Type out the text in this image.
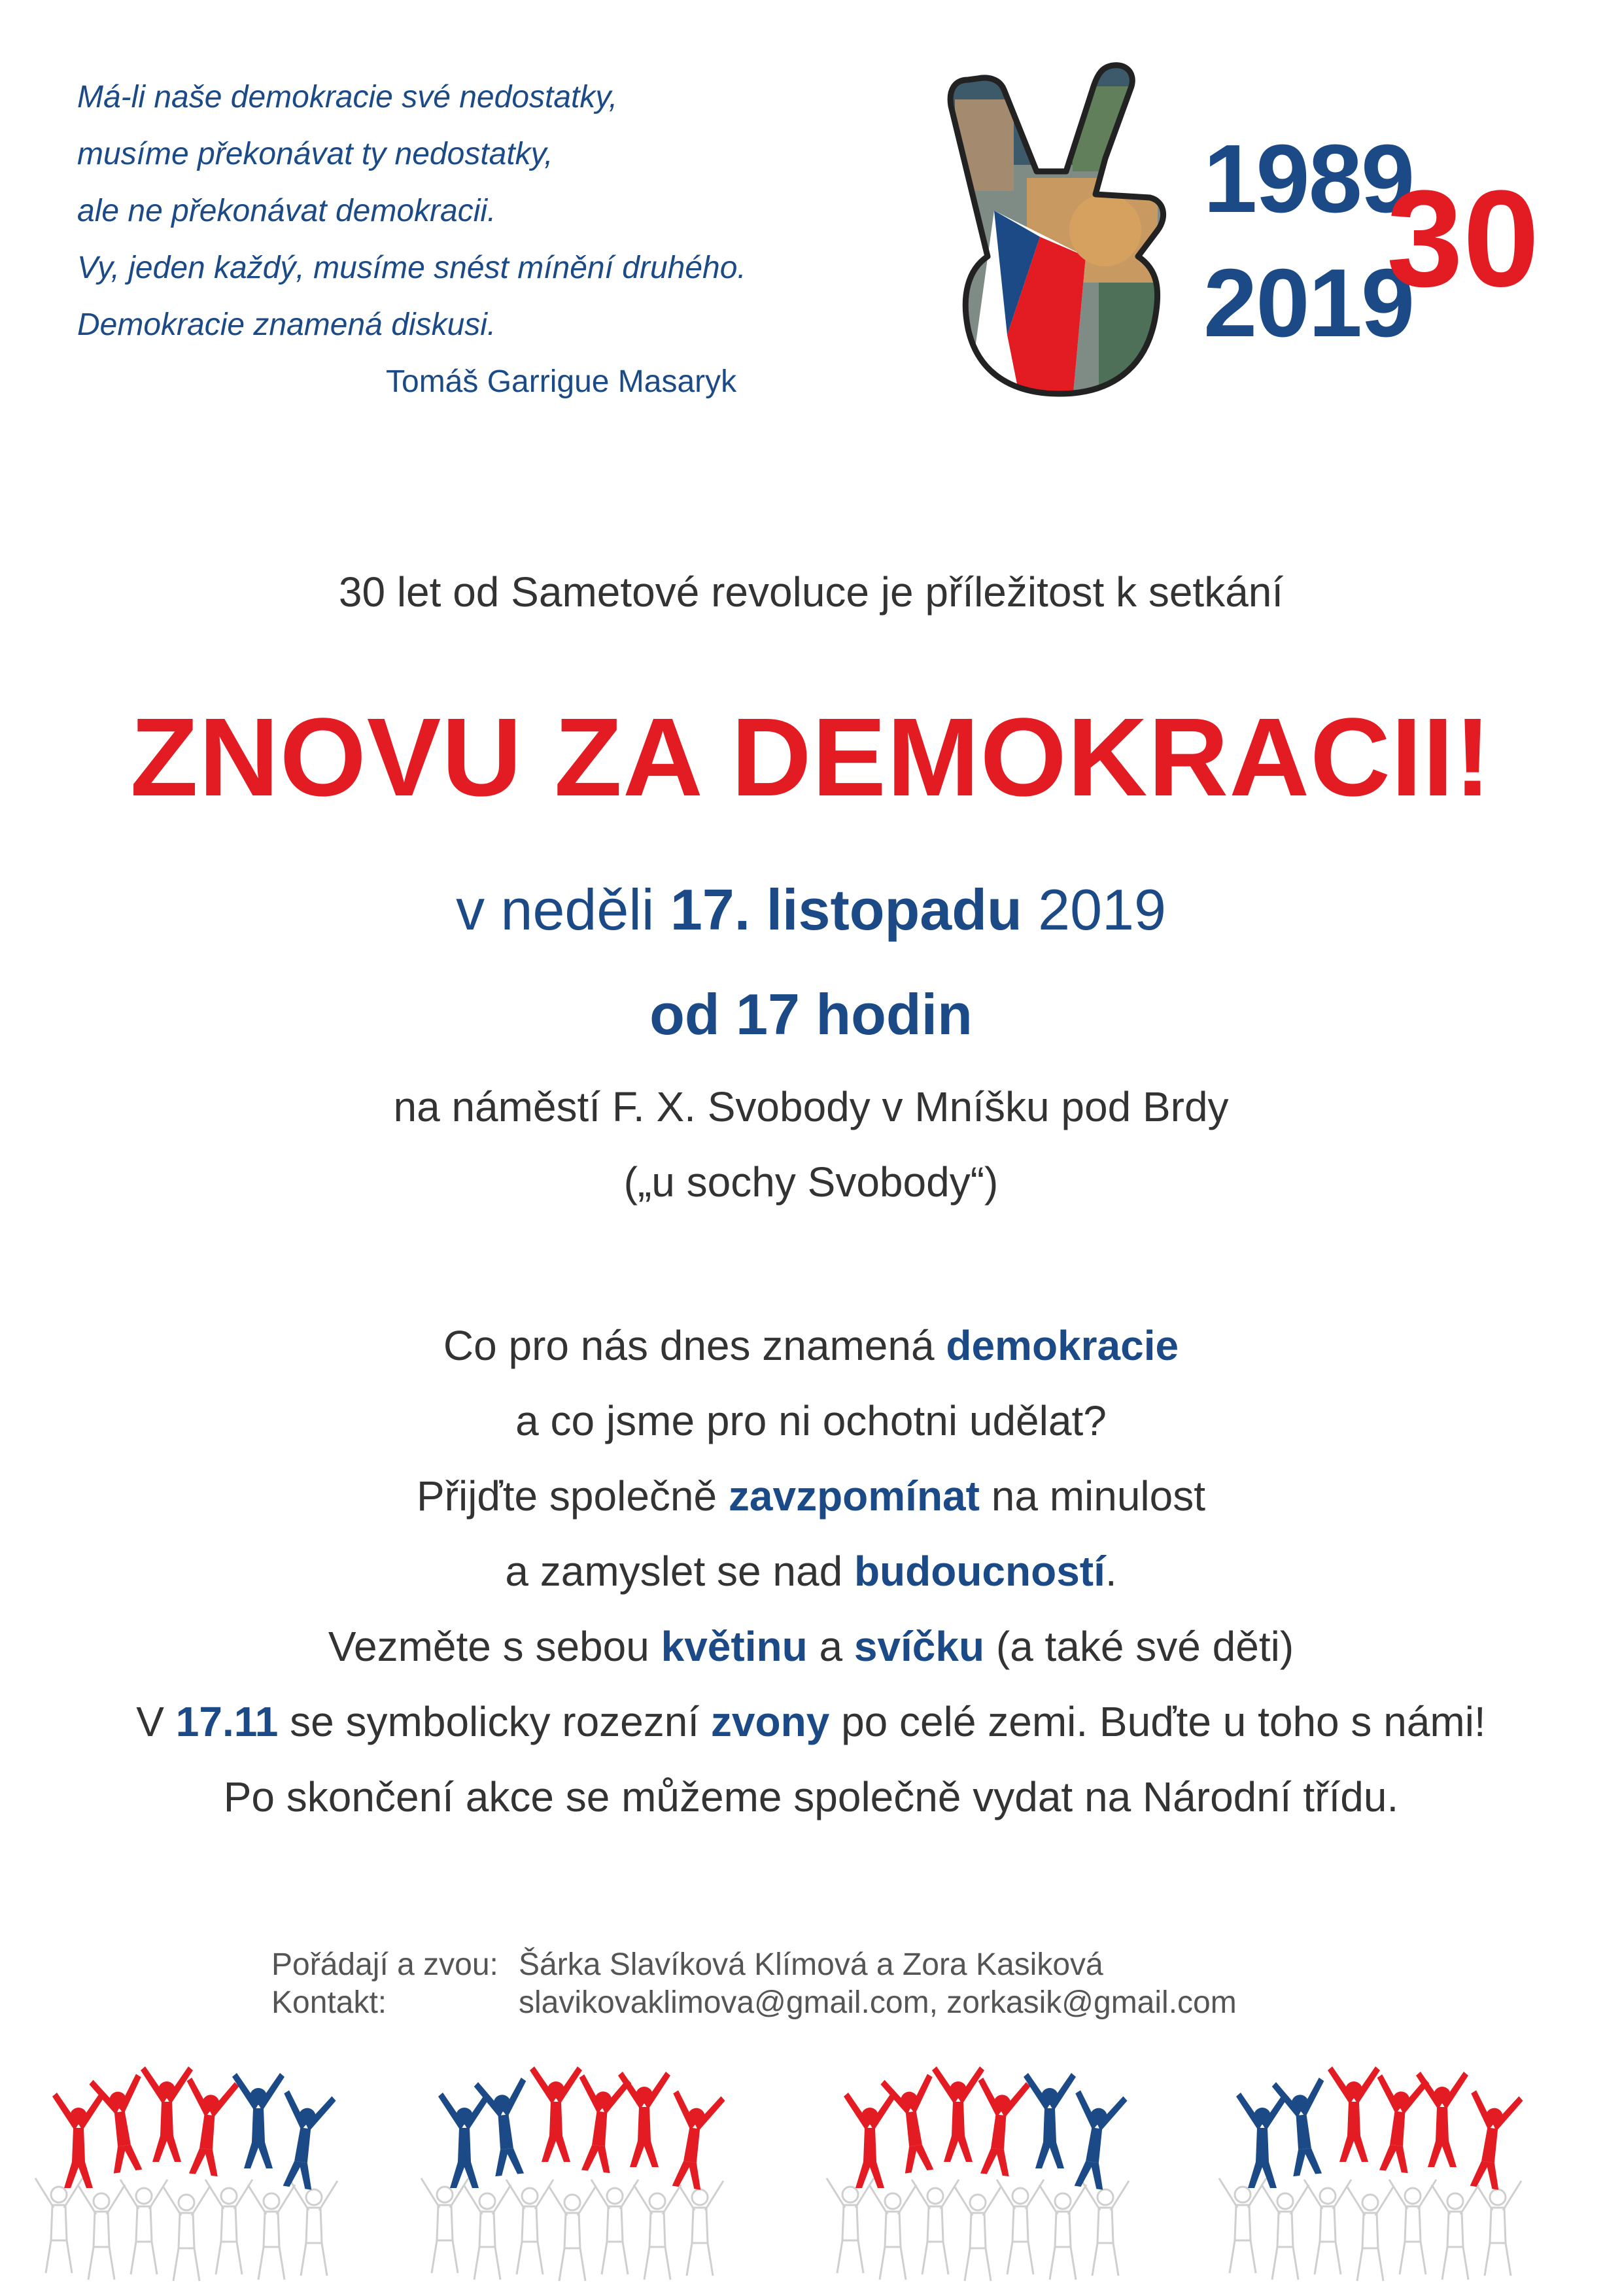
Má-li naše demokracie své nedostatky,
musíme překonávat ty nedostatky,
ale ne překonávat demokracii.
Vy, jeden každý, musíme snést mínění druhého.
Demokracie znamená diskusi.
Tomáš Garrigue Masaryk
1989
2019
30
30 let od Sametové revoluce je příležitost k setkání
ZNOVU ZA DEMOKRACII!
v neděli 17. listopadu 2019
od 17 hodin
na náměstí F. X. Svobody v Mníšku pod Brdy
(„u sochy Svobody“)
Co pro nás dnes znamená demokracie
a co jsme pro ni ochotni udělat?
Přijďte společně zavzpomínat na minulost
a zamyslet se nad budoucností.
Vezměte s sebou květinu a svíčku (a také své děti)
V 17.11 se symbolicky rozezní zvony po celé zemi. Buďte u toho s námi!
Po skončení akce se můžeme společně vydat na Národní třídu.
Pořádají a zvou: Šárka Slavíková Klímová a Zora Kasiková
Kontakt:	slavikovaklimova@gmail.com, zorkasik@gmail.com
